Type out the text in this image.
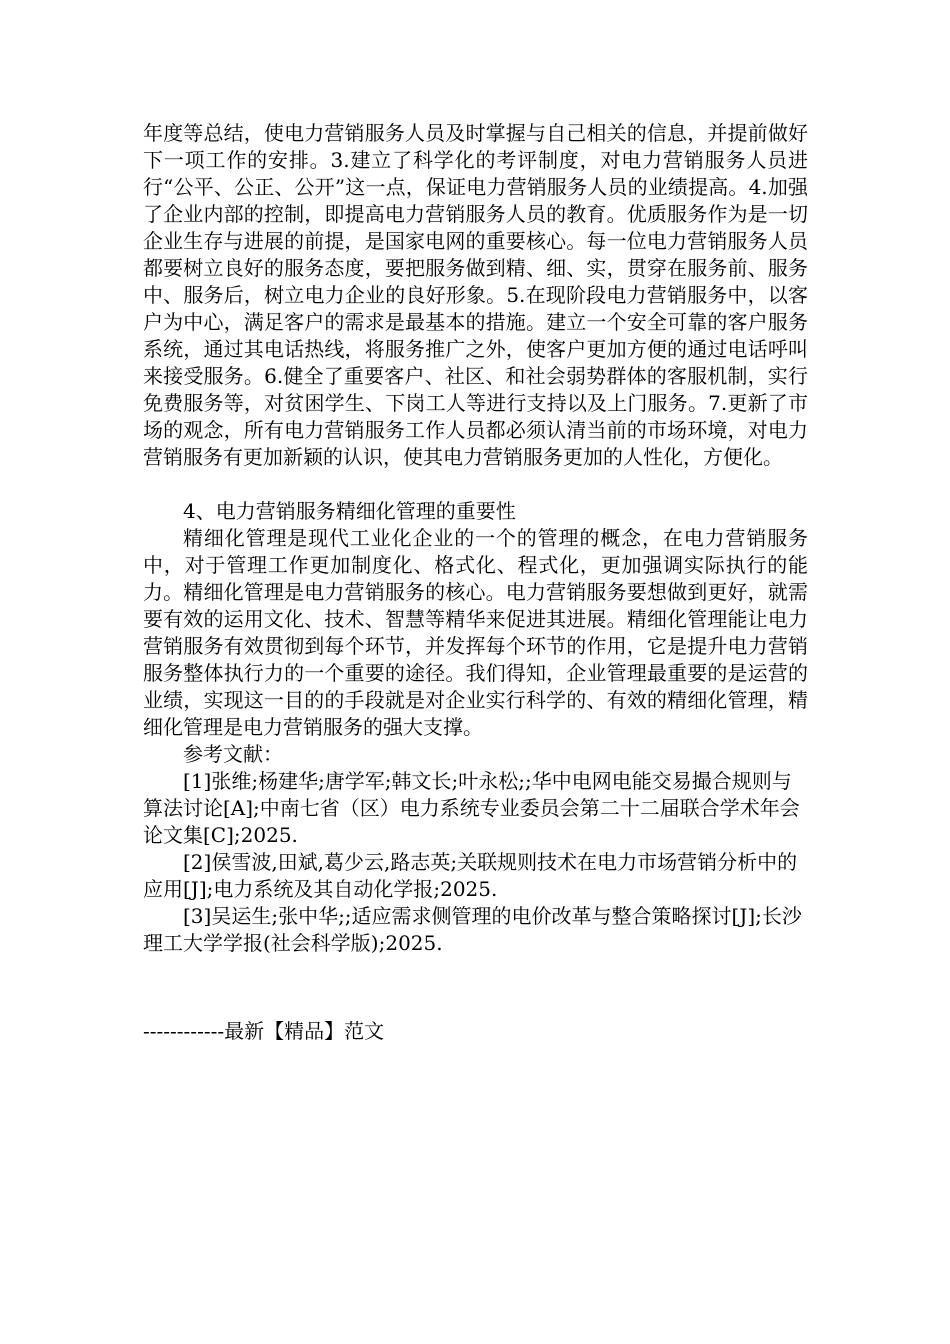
年度等总结，使电力营销服务人员及时掌握与自己相关的信息，并提前做好下一项工作的安排。3.建立了科学化的考评制度，对电力营销服务人员进行“公平、公正、公开”这一点，保证电力营销服务人员的业绩提高。4.加强了企业内部的控制，即提高电力营销服务人员的教育。优质服务作为是一切企业生存与进展的前提，是国家电网的重要核心。每一位电力营销服务人员都要树立良好的服务态度，要把服务做到精、细、实，贯穿在服务前、服务中、服务后，树立电力企业的良好形象。5.在现阶段电力营销服务中，以客户为中心，满足客户的需求是最基本的措施。建立一个安全可靠的客户服务系统，通过其电话热线，将服务推广之外，使客户更加方便的通过电话呼叫来接受服务。6.健全了重要客户、社区、和社会弱势群体的客服机制，实行免费服务等，对贫困学生、下岗工人等进行支持以及上门服务。7.更新了市场的观念，所有电力营销服务工作人员都必须认清当前的市场环境，对电力营销服务有更加新颖的认识，使其电力营销服务更加的人性化，方便化。

4、电力营销服务精细化管理的重要性

精细化管理是现代工业化企业的一个的管理的概念，在电力营销服务中，对于管理工作更加制度化、格式化、程式化，更加强调实际执行的能力。精细化管理是电力营销服务的核心。电力营销服务要想做到更好，就需要有效的运用文化、技术、智慧等精华来促进其进展。精细化管理能让电力营销服务有效贯彻到每个环节，并发挥每个环节的作用，它是提升电力营销服务整体执行力的一个重要的途径。我们得知，企业管理最重要的是运营的业绩，实现这一目的的手段就是对企业实行科学的、有效的精细化管理，精细化管理是电力营销服务的强大支撑。

参考文献：

[1]张维;杨建华;唐学军;韩文长;叶永松;;华中电网电能交易撮合规则与算法讨论[A];中南七省（区）电力系统专业委员会第二十二届联合学术年会论文集[C];2025.

[2]侯雪波,田斌,葛少云,路志英;关联规则技术在电力市场营销分析中的应用[J];电力系统及其自动化学报;2025.

[3]吴运生;张中华;;适应需求侧管理的电价改革与整合策略探讨[J];长沙理工大学学报(社会科学版);2025.

------------最新【精品】范文
